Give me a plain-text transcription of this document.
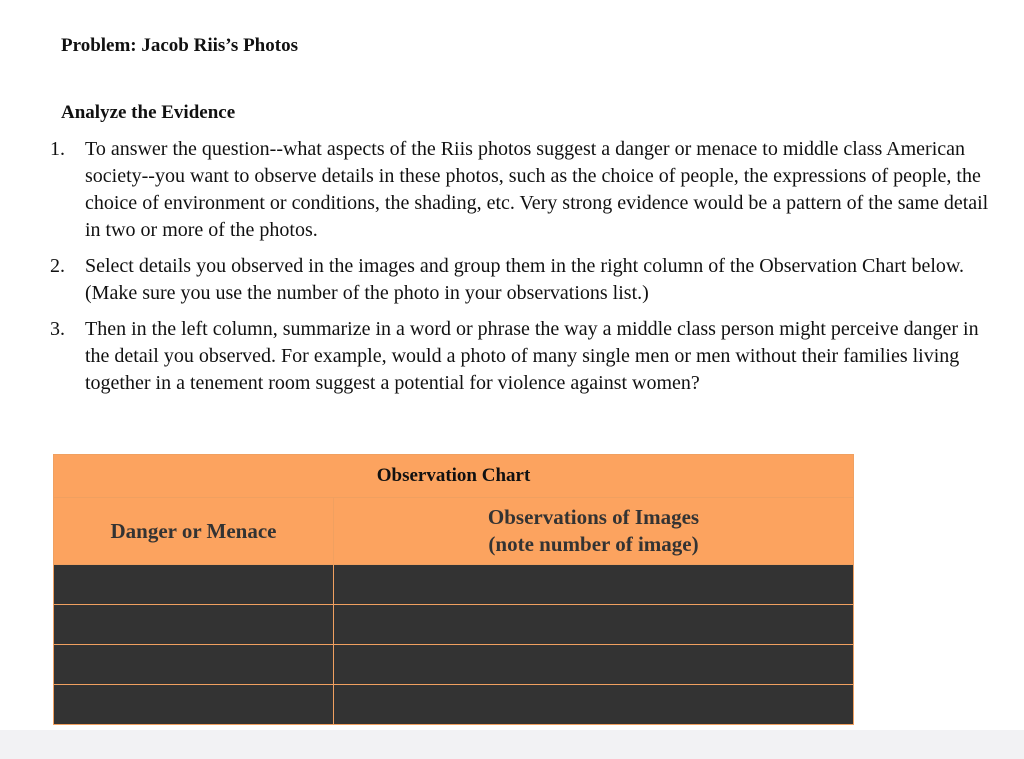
Problem: Jacob Riis’s Photos
Analyze the Evidence
1. To answer the question--what aspects of the Riis photos suggest a danger or menace to middle class American society--you want to observe details in these photos, such as the choice of people, the expressions of people, the choice of environment or conditions, the shading, etc. Very strong evidence would be a pattern of the same detail in two or more of the photos.
2. Select details you observed in the images and group them in the right column of the Observation Chart below. (Make sure you use the number of the photo in your observations list.)
3. Then in the left column, summarize in a word or phrase the way a middle class person might perceive danger in the detail you observed. For example, would a photo of many single men or men without their families living together in a tenement room suggest a potential for violence against women?
Observation Chart	
Danger or Menace	Observations of Images
(note number of image)
